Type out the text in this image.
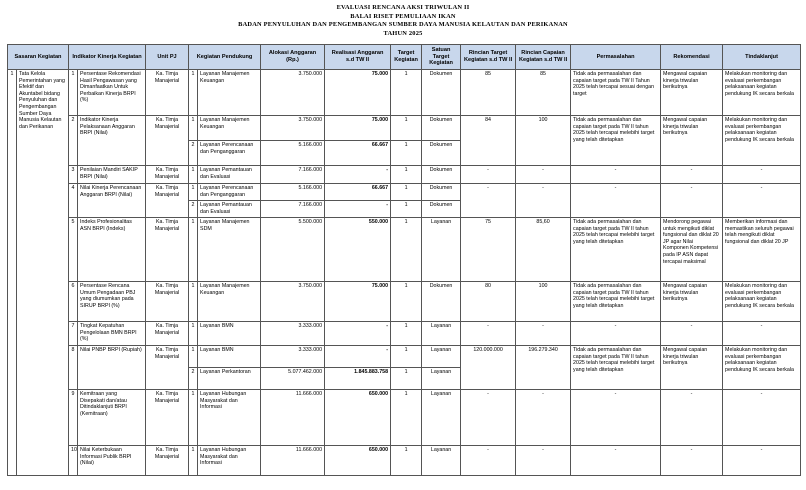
EVALUASI RENCANA AKSI TRIWULAN II
BALAI RISET PEMULIAAN IKAN
BADAN PENYULUHAN DAN PENGEMBANGAN SUMBER DAYA MANUSIA KELAUTAN DAN PERIKANAN
TAHUN 2025
Sasaran Kegiatan		Indikator Kinerja Kegiatan		Unit PJ	Kegiatan Pendukung		Alokasi Anggaran (Rp.)	Realisasi Anggaran s.d TW II	Target Kegiatan	Satuan Target Kegiatan	Rincian Target Kegiatan s.d TW II	Rincian Capaian Kegiatan s.d TW II	Permasalahan	Rekomendasi	Tindaklanjut
1	Tata Kelola Pemerintahan yang Efektif dan Akuntabel bidang Penyuluhan dan Pengembangan Sumber Daya Manusia Kelautan dan Perikanan	1	Persentase Rekomendasi Hasil Pengawasan yang Dimanfaatkan Untuk Perbaikan Kinerja BRPI (%)	Ka. Timja Manajerial	1	Layanan Manajemen Keuangan	3.750.000	75.000	1	Dokumen	85	85	Tidak ada permasalahan dan capaian target pada TW II Tahun 2025 telah tercapai sesuai dengan target	Mengawal capaian kinerja triwulan berikutnya	Melakukan monitoring dan evaluasi perkembangan pelaksanaan kegiatan pendukung IK secara berkala
		2	Indikator Kinerja Pelaksanaan Anggaran BRPI (Nilai)	Ka. Timja Manajerial	1	Layanan Manajemen Keuangan	3.750.000	75.000	1	Dokumen	84	100	Tidak ada permasalahan dan capaian target pada TW II tahun 2025 telah tercapai melebihi target yang telah ditetapkan	Mengawal capaian kinerja triwulan berikutnya	Melakukan monitoring dan evaluasi perkembangan pelaksanaan kegiatan pendukung IK secara berkala
					2	Layanan Perencanaan dan Penganggaran	5.166.000	66.667	1	Dokumen					
		3	Penilaian Mandiri SAKIP BRPI (Nilai)	Ka. Timja Manajerial	1	Layanan Pemantauan dan Evaluasi	7.166.000	-	1	Dokumen	-	-	-	-	-
		4	Nilai Kinerja Perencanaan Anggaran BRPI (Nilai)	Ka. Timja Manajerial	1	Layanan Perencanaan dan Penganggaran	5.166.000	66.667	1	Dokumen	-	-	-	-	-
					2	Layanan Pemantauan dan Evaluasi	7.166.000	-	1	Dokumen					
		5	Indeks Profesionalitas ASN BRPI (Indeks)	Ka. Timja Manajerial	1	Layanan Manajemen SDM	5.500.000	550.000	1	Layanan	75	85,60	Tidak ada permasalahan dan capaian target pada TW II tahun 2025 telah tercapai melebihi target yang telah ditetapkan	Mendorong pegawai untuk mengikuti diklat fungsional dan diklat 20 JP agar Nilai Komponen Kompetensi pada IP ASN dapat tercapai maksimal	Memberikan informasi dan memastikan seluruh pegawai telah mengikuti diklat fungsional dan diklat 20 JP
		6	Persentase Rencana Umum Pengadaan PBJ yang diumumkan pada SIRUP BRPI (%)	Ka. Timja Manajerial	1	Layanan Manajemen Keuangan	3.750.000	75.000	1	Dokumen	80	100	Tidak ada permasalahan dan capaian target pada TW II tahun 2025 telah tercapai melebihi target yang telah ditetapkan	Mengawal capaian kinerja triwulan berikutnya	Melakukan monitoring dan evaluasi perkembangan pelaksanaan kegiatan pendukung IK secara berkala
		7	Tingkat Kepatuhan Pengelolaan BMN BRPI (%)	Ka. Timja Manajerial	1	Layanan BMN	3.333.000	-	1	Layanan	-	-	-	-	-
		8	Nilai PNBP BRPI (Rupiah)	Ka. Timja Manajerial	1	Layanan BMN	3.333.000	-	1	Layanan	120.000.000	196.279.340	Tidak ada permasalahan dan capaian target pada TW II tahun 2025 telah tercapai melebihi target yang telah ditetapkan	Mengawal capaian kinerja triwulan berikutnya	Melakukan monitoring dan evaluasi perkembangan pelaksanaan kegiatan pendukung IK secara berkala
					2	Layanan Perkantoran	5.077.462.000	1.845.883.758	1	Layanan					
		9	Kemitraan yang Disepakati dan/atau Ditindaklanjuti BRPI (Kemitraan)	Ka. Timja Manajerial	1	Layanan Hubungan Masyarakat dan Informasi	11.666.000	650.000	1	Layanan	-	-	-	-	-
		10	Nilai Keterbukaan Informasi Publik BRPI (Nilai)	Ka. Timja Manajerial	1	Layanan Hubungan Masyarakat dan Informasi	11.666.000	650.000	1	Layanan	-	-	-	-	-
